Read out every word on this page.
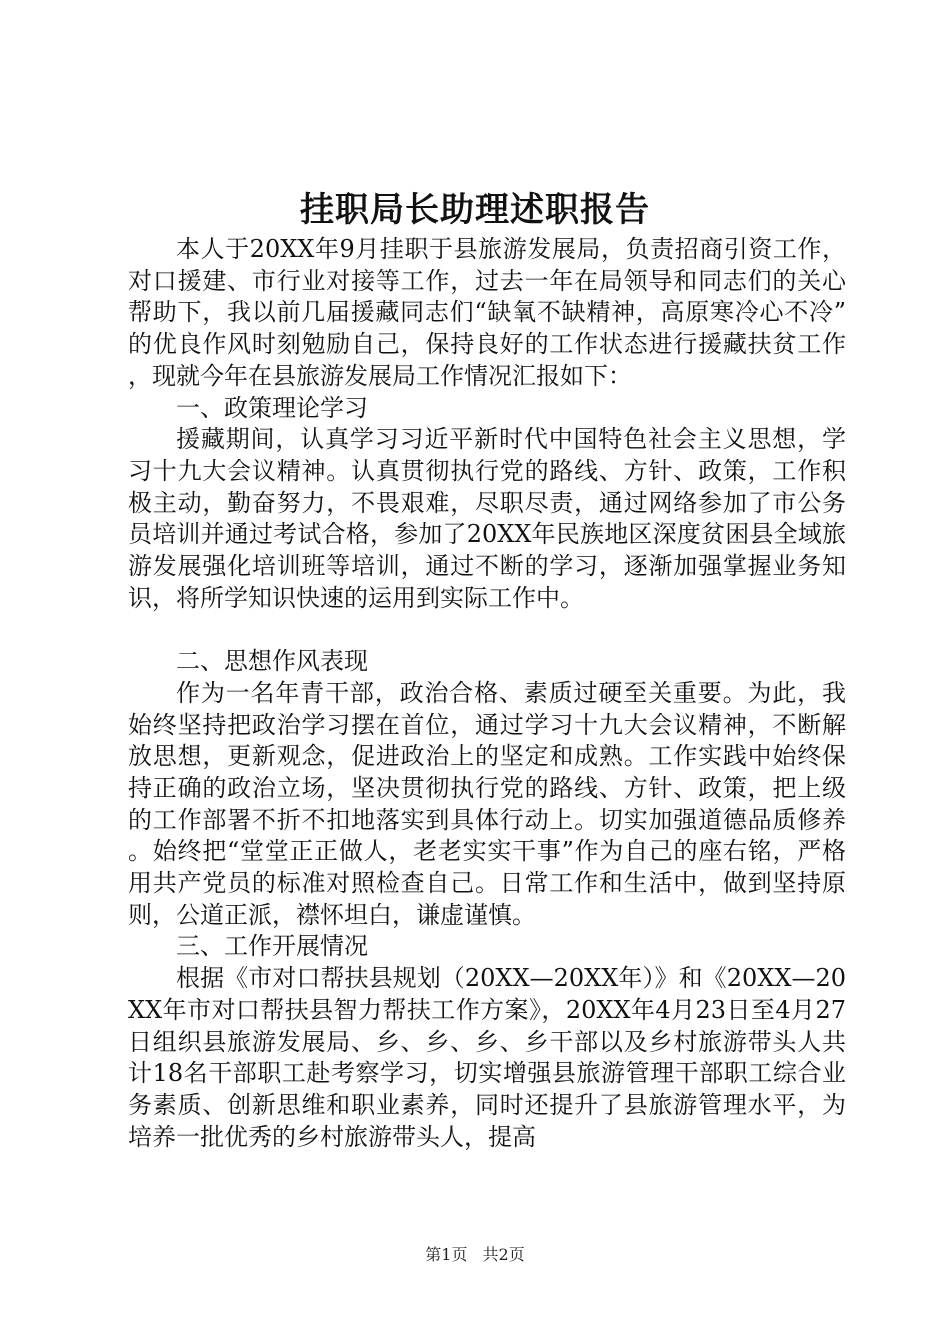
挂职局长助理述职报告

本人于20XX年9月挂职于县旅游发展局，负责招商引资工作，对口援建、市行业对接等工作，过去一年在局领导和同志们的关心帮助下，我以前几届援藏同志们“缺氧不缺精神，高原寒冷心不冷”的优良作风时刻勉励自己，保持良好的工作状态进行援藏扶贫工作，现就今年在县旅游发展局工作情况汇报如下：

一、政策理论学习

援藏期间，认真学习习近平新时代中国特色社会主义思想，学习十九大会议精神。认真贯彻执行党的路线、方针、政策，工作积极主动，勤奋努力，不畏艰难，尽职尽责，通过网络参加了市公务员培训并通过考试合格，参加了20XX年民族地区深度贫困县全域旅游发展强化培训班等培训，通过不断的学习，逐渐加强掌握业务知识，将所学知识快速的运用到实际工作中。

二、思想作风表现

作为一名年青干部，政治合格、素质过硬至关重要。为此，我始终坚持把政治学习摆在首位，通过学习十九大会议精神，不断解放思想，更新观念，促进政治上的坚定和成熟。工作实践中始终保持正确的政治立场，坚决贯彻执行党的路线、方针、政策，把上级的工作部署不折不扣地落实到具体行动上。切实加强道德品质修养。始终把“堂堂正正做人，老老实实干事”作为自己的座右铭，严格用共产党员的标准对照检查自己。日常工作和生活中，做到坚持原则，公道正派，襟怀坦白，谦虚谨慎。

三、工作开展情况

根据《市对口帮扶县规划（20XX—20XX年）》和《20XX—20XX年市对口帮扶县智力帮扶工作方案》，20XX年4月23日至4月27日组织县旅游发展局、乡、乡、乡、乡干部以及乡村旅游带头人共计18名干部职工赴考察学习，切实增强县旅游管理干部职工综合业务素质、创新思维和职业素养，同时还提升了县旅游管理水平，为培养一批优秀的乡村旅游带头人，提高

第1页 共2页
